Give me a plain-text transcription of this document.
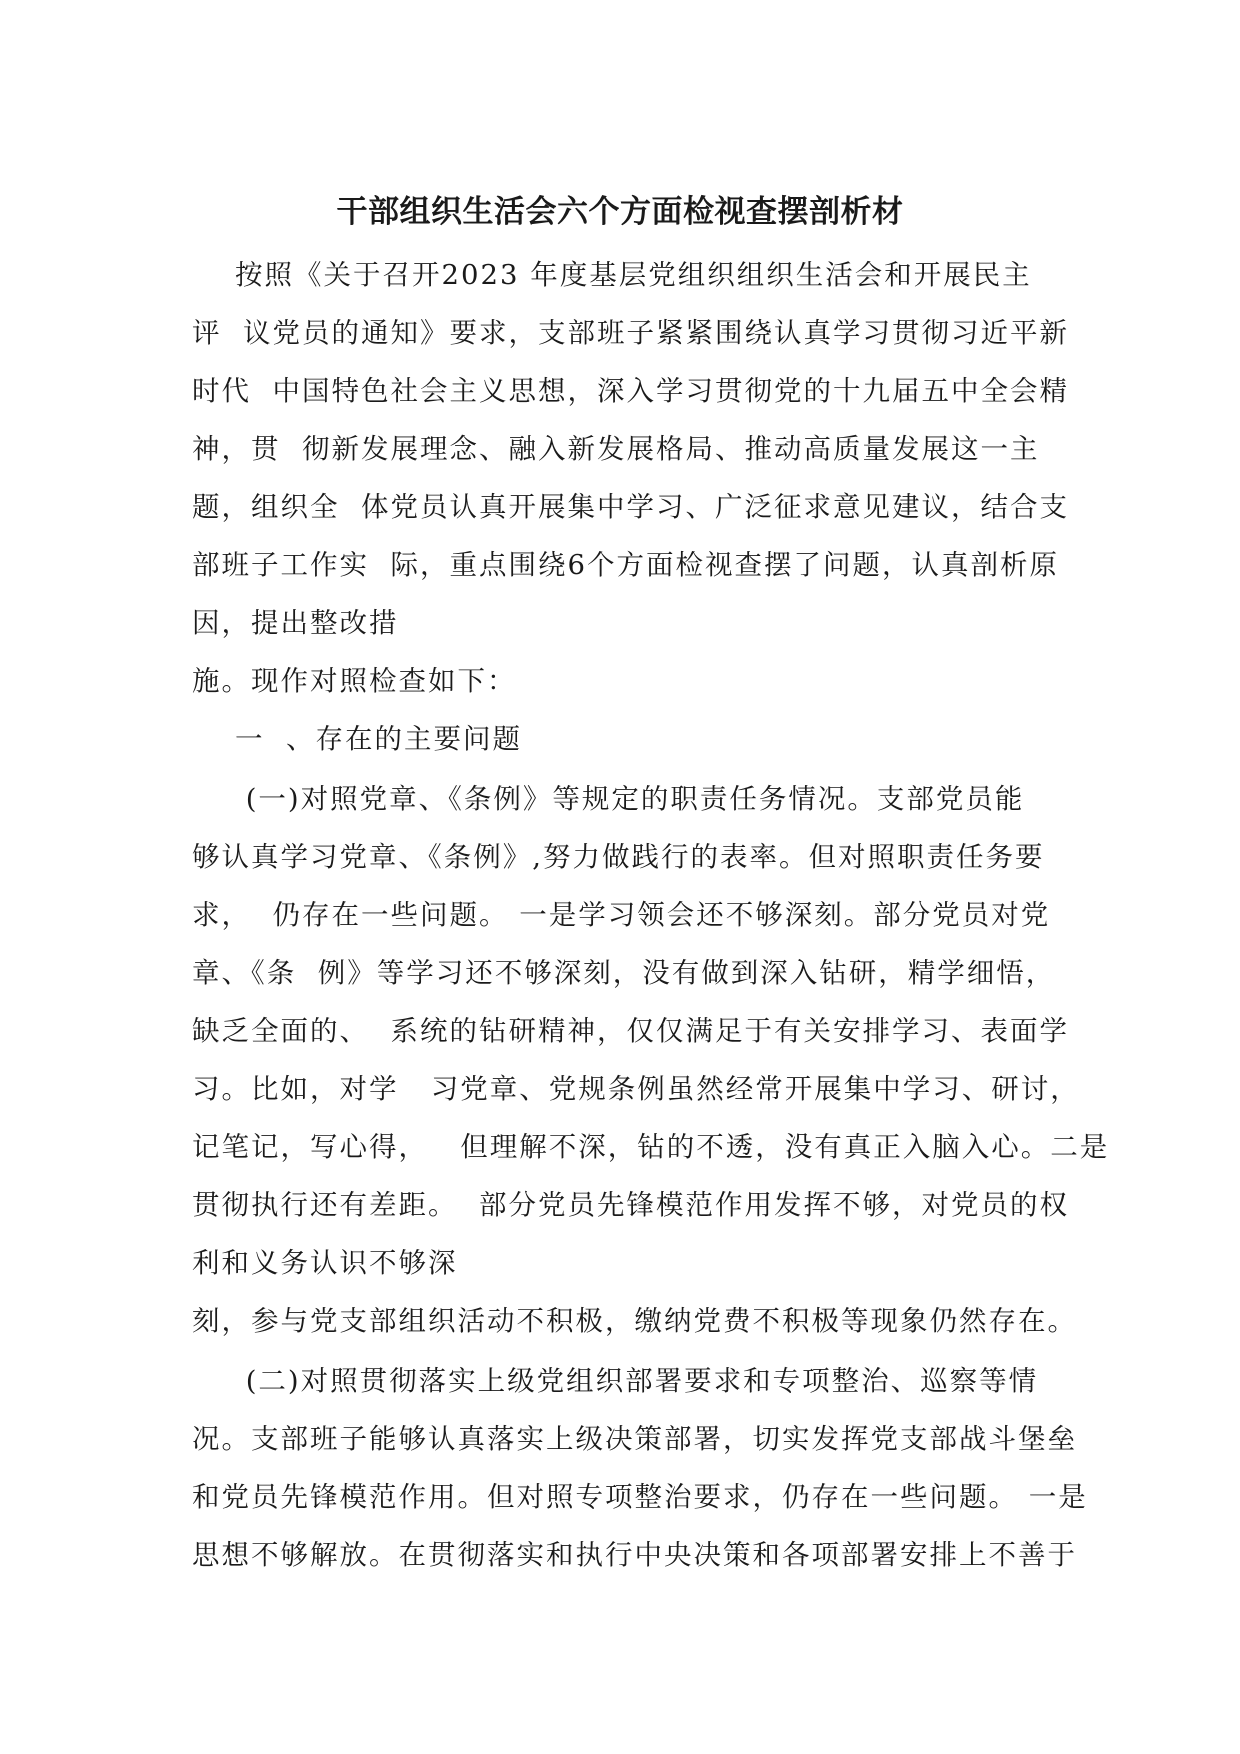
干部组织生活会六个方面检视查摆剖析材
按照《关于召开2023 年度基层党组织组织生活会和开展民主
评  议党员的通知》要求，支部班子紧紧围绕认真学习贯彻习近平新
时代  中国特色社会主义思想，深入学习贯彻党的十九届五中全会精
神，贯  彻新发展理念、融入新发展格局、推动高质量发展这一主
题，组织全  体党员认真开展集中学习、广泛征求意见建议，结合支
部班子工作实  际，重点围绕6个方面检视查摆了问题，认真剖析原
因，提出整改措
施。现作对照检查如下：
一  、存在的主要问题
(一)对照党章、《条例》等规定的职责任务情况。支部党员能
够认真学习党章、《条例》,努力做践行的表率。但对照职责任务要
求，  仍存在一些问题。 一是学习领会还不够深刻。部分党员对党
章、《条  例》等学习还不够深刻，没有做到深入钻研，精学细悟，
缺乏全面的、  系统的钻研精神，仅仅满足于有关安排学习、表面学
习。比如，对学   习党章、党规条例虽然经常开展集中学习、研讨，
记笔记，写心得，   但理解不深，钻的不透，没有真正入脑入心。二是
贯彻执行还有差距。  部分党员先锋模范作用发挥不够，对党员的权
利和义务认识不够深
刻，参与党支部组织活动不积极，缴纳党费不积极等现象仍然存在。
(二)对照贯彻落实上级党组织部署要求和专项整治、巡察等情
况。支部班子能够认真落实上级决策部署，切实发挥党支部战斗堡垒
和党员先锋模范作用。但对照专项整治要求，仍存在一些问题。 一是
思想不够解放。在贯彻落实和执行中央决策和各项部署安排上不善于
